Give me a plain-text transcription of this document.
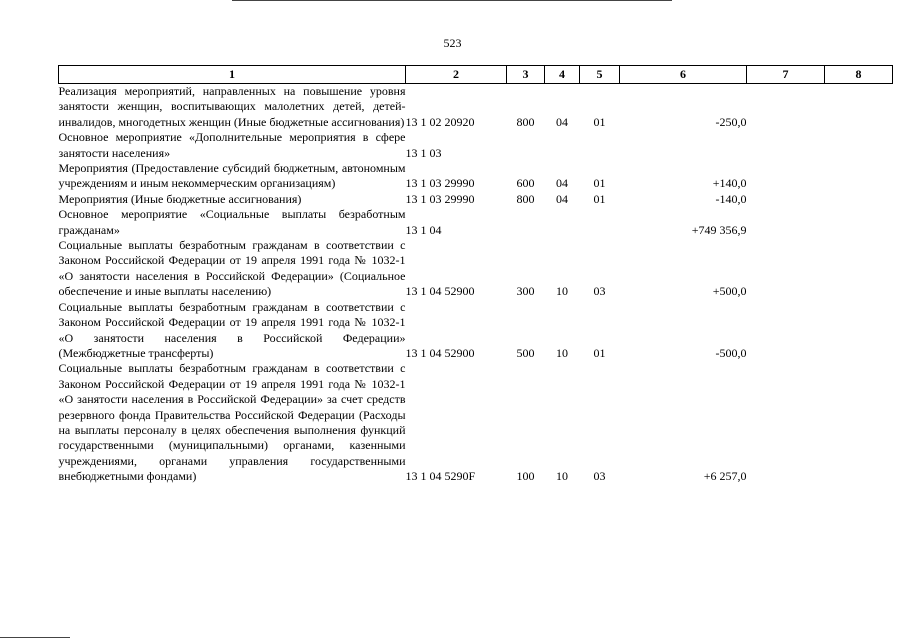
523
1	2	3	4	5	6	7	8
Реализация мероприятий, направленных на повышение уровня занятости женщин, воспитывающих малолетних детей, детей-инвалидов, многодетных женщин (Иные бюджетные ассигнования)	13 1 02 20920	800	04	01	-250,0		
Основное мероприятие «Дополнительные мероприятия в сфере занятости населения»	13 1 03						
Мероприятия (Предоставление субсидий бюджетным, автономным учреждениям и иным некоммерческим организациям)	13 1 03 29990	600	04	01	+140,0		
Мероприятия (Иные бюджетные ассигнования)	13 1 03 29990	800	04	01	-140,0		
Основное мероприятие «Социальные выплаты безработным гражданам»	13 1 04				+749 356,9		
Социальные выплаты безработным гражданам в соответствии с Законом Российской Федерации от 19 апреля 1991 года № 1032-1 «О занятости населения в Российской Федерации» (Социальное обеспечение и иные выплаты населению)	13 1 04 52900	300	10	03	+500,0		
Социальные выплаты безработным гражданам в соответствии с Законом Российской Федерации от 19 апреля 1991 года № 1032-1 «О занятости населения в Российской Федерации» (Межбюджетные трансферты)	13 1 04 52900	500	10	01	-500,0		
Социальные выплаты безработным гражданам в соответствии с Законом Российской Федерации от 19 апреля 1991 года № 1032-1 «О занятости населения в Российской Федерации» за счет средств резервного фонда Правительства Российской Федерации (Расходы на выплаты персоналу в целях обеспечения выполнения функций государственными (муниципальными) органами, казенными учреждениями, органами управления государственными внебюджетными фондами)	13 1 04 5290F	100	10	03	+6 257,0		
